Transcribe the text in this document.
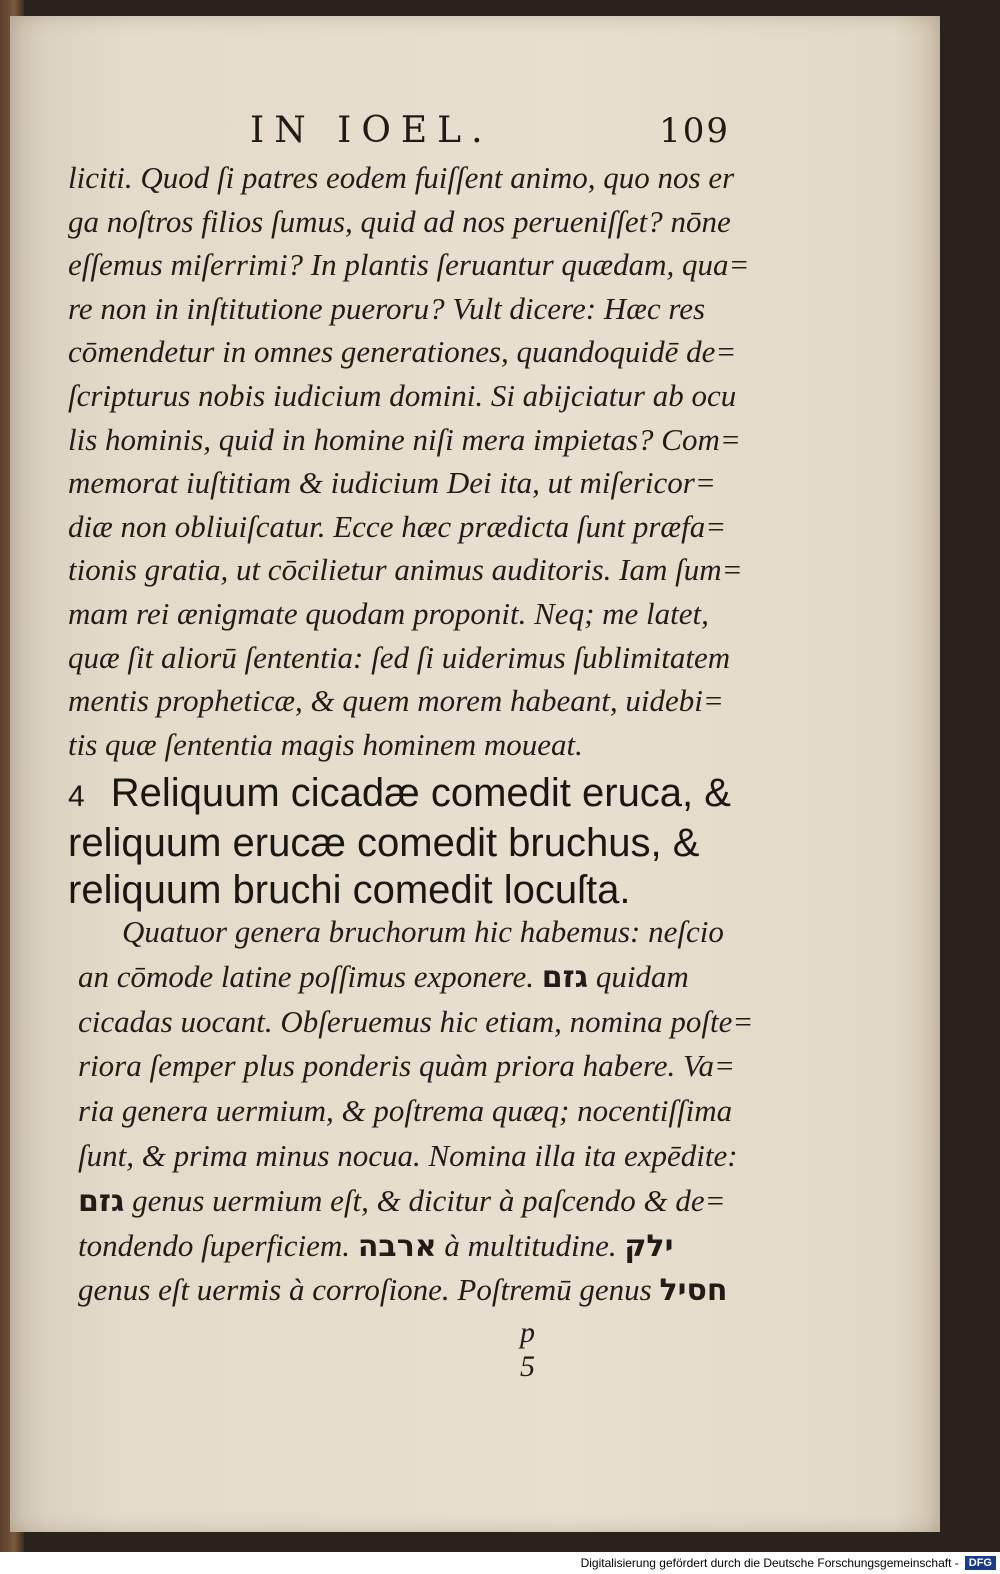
IN IOEL.	109
liciti. Quod ſi patres eodem fuiſſent animo, quo nos er
ga noſtros filios ſumus, quid ad nos perueniſſet? nōne
eſſemus miſerrimi? In plantis ſeruantur quædam, qua=
re non in inſtitutione pueroru? Vult dicere: Hæc res
cōmendetur in omnes generationes, quandoquidē de=
ſcripturus nobis iudicium domini. Si abijciatur ab ocu
lis hominis, quid in homine niſi mera impietas? Com=
memorat iuſtitiam & iudicium Dei ita, ut miſericor=
diæ non obliuiſcatur. Ecce hæc prædicta ſunt præfa=
tionis gratia, ut cōcilietur animus auditoris. Iam ſum=
mam rei ænigmate quodam proponit. Neq; me latet,
quæ ſit aliorū ſententia: ſed ſi uiderimus ſublimitatem
mentis propheticæ, & quem morem habeant, uidebi=
tis quæ ſententia magis hominem moueat.
4 Reliquum cicadæ comedit eruca, &
reliquum erucæ comedit bruchus, &
reliquum bruchi comedit locuſta.
Quatuor genera bruchorum hic habemus: neſcio
an cōmode latine poſſimus exponere. גזם quidam
cicadas uocant. Obſeruemus hic etiam, nomina poſte=
riora ſemper plus ponderis quàm priora habere. Va=
ria genera uermium, & poſtrema quæq; nocentiſſima
ſunt, & prima minus nocua. Nomina illa ita expēdite:
גזם genus uermium eſt, & dicitur à paſcendo & de=
tondendo ſuperficiem. ארבה à multitudine. ילק
genus eſt uermis à corroſione. Poſtremū genus חסיל
p 5
Digitalisierung gefördert durch die Deutsche Forschungsgemeinschaft - DFG
